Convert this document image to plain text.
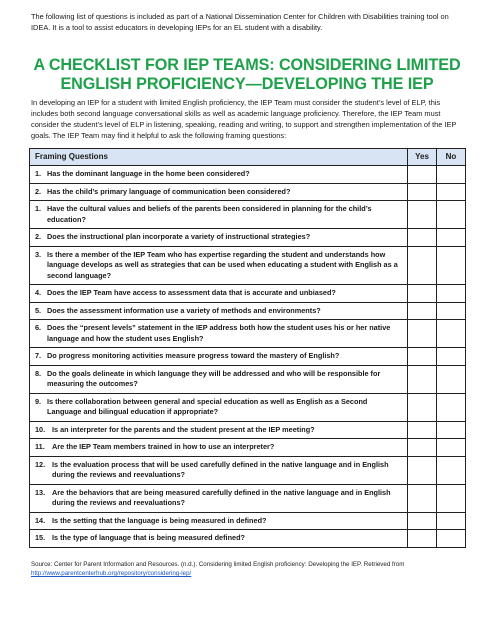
The following list of questions is included as part of a National Dissemination Center for Children with Disabilities training tool on IDEA. It is a tool to assist educators in developing IEPs for an EL student with a disability.

A CHECKLIST FOR IEP TEAMS: CONSIDERING LIMITED ENGLISH PROFICIENCY—DEVELOPING THE IEP

In developing an IEP for a student with limited English proficiency, the IEP Team must consider the student’s level of ELP, this includes both second language conversational skills as well as academic language proficiency. Therefore, the IEP Team must consider the student’s level of ELP in listening, speaking, reading and writing, to support and strengthen implementation of the IEP goals. The IEP Team may find it helpful to ask the following framing questions:

Framing Questions	Yes	No

1. Has the dominant language in the home been considered?		

2. Has the child’s primary language of communication been considered?		

1. Have the cultural values and beliefs of the parents been considered in planning for the child’s education?		

2. Does the instructional plan incorporate a variety of instructional strategies?		

3. Is there a member of the IEP Team who has expertise regarding the student and understands how language develops as well as strategies that can be used when educating a student with English as a second language?		

4. Does the IEP Team have access to assessment data that is accurate and unbiased?		

5. Does the assessment information use a variety of methods and environments?		

6. Does the “present levels” statement in the IEP address both how the student uses his or her native language and how the student uses English?		

7. Do progress monitoring activities measure progress toward the mastery of English?		

8. Do the goals delineate in which language they will be addressed and who will be responsible for measuring the outcomes?		

9. Is there collaboration between general and special education as well as English as a Second Language and bilingual education if appropriate?		

10. Is an interpreter for the parents and the student present at the IEP meeting?		

11. Are the IEP Team members trained in how to use an interpreter?		

12. Is the evaluation process that will be used carefully defined in the native language and in English during the reviews and reevaluations?		

13. Are the behaviors that are being measured carefully defined in the native language and in English during the reviews and reevaluations?		

14. Is the setting that the language is being measured in defined?		

15. Is the type of language that is being measured defined?		

Source: Center for Parent Information and Resources. (n.d.). Considering limited English proficiency: Developing the IEP. Retrieved from
http://www.parentcenterhub.org/repository/considering-lep/
